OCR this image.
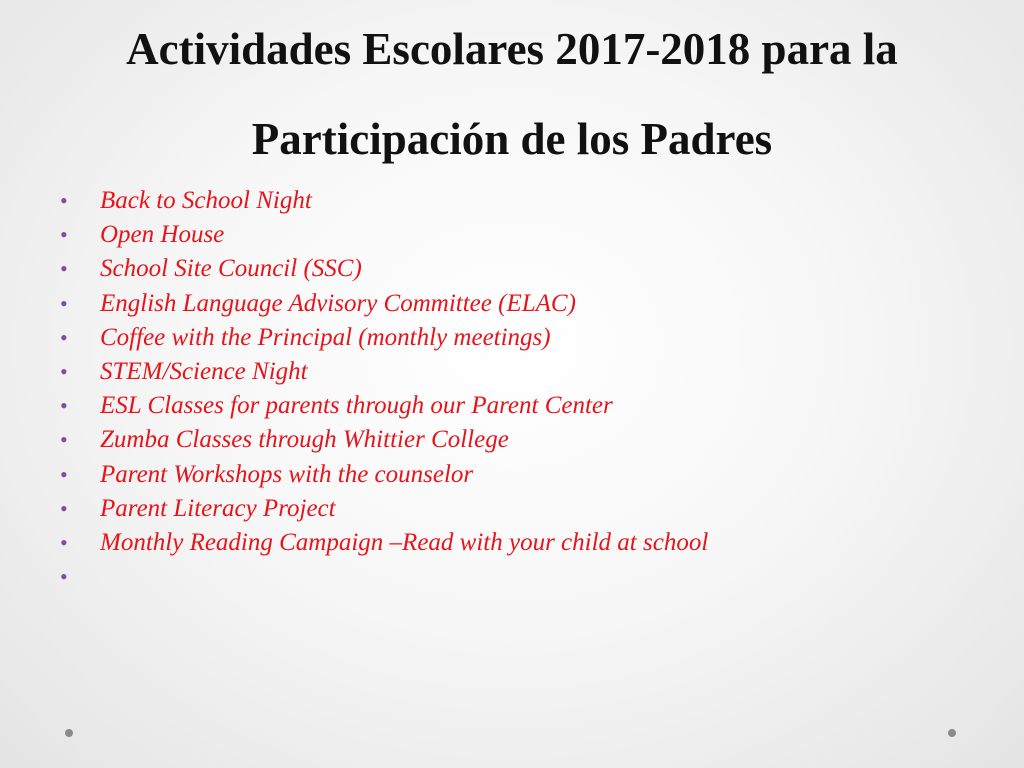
Actividades Escolares 2017-2018 para la
Participación de los Padres
•	Back to School Night
•	Open House
•	School Site Council (SSC)
•	English Language Advisory Committee (ELAC)
•	Coffee with the Principal (monthly meetings)
•	STEM/Science Night
•	ESL Classes for parents through our Parent Center
•	Zumba Classes through Whittier College
•	Parent Workshops with the counselor
•	Parent Literacy Project
•	Monthly Reading Campaign –Read with your child at school
•
